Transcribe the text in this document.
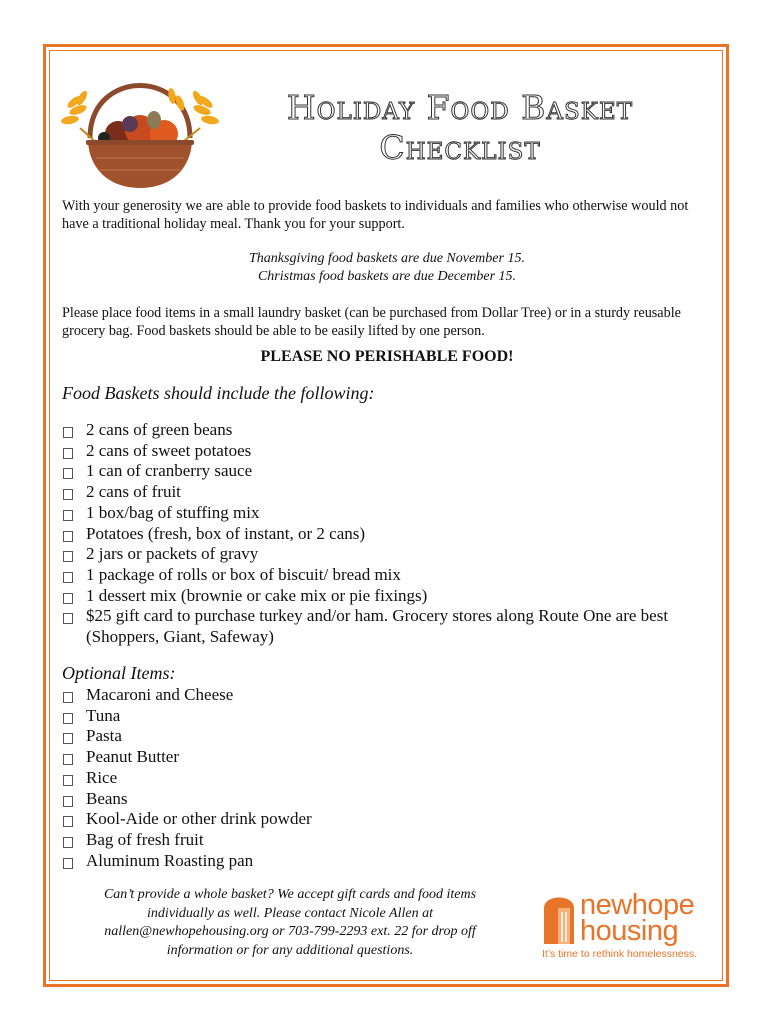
Holiday Food Basket
Checklist

With your generosity we are able to provide food baskets to individuals and families who otherwise would not have a traditional holiday meal. Thank you for your support.

Thanksgiving food baskets are due November 15.
Christmas food baskets are due December 15.

Please place food items in a small laundry basket (can be purchased from Dollar Tree) or in a sturdy reusable grocery bag. Food baskets should be able to be easily lifted by one person.

PLEASE NO PERISHABLE FOOD!

Food Baskets should include the following:

2 cans of green beans
2 cans of sweet potatoes
1 can of cranberry sauce
2 cans of fruit
1 box/bag of stuffing mix
Potatoes (fresh, box of instant, or 2 cans)
2 jars or packets of gravy
1 package of rolls or box of biscuit/ bread mix
1 dessert mix (brownie or cake mix or pie fixings)
$25 gift card to purchase turkey and/or ham. Grocery stores along Route One are best (Shoppers, Giant, Safeway)

Optional Items:

Macaroni and Cheese
Tuna
Pasta
Peanut Butter
Rice
Beans
Kool-Aide or other drink powder
Bag of fresh fruit
Aluminum Roasting pan

Can’t provide a whole basket? We accept gift cards and food items individually as well. Please contact Nicole Allen at nallen@newhopehousing.org or 703-799-2293 ext. 22 for drop off information or for any additional questions.

newhope
housing
It’s time to rethink homelessness.
